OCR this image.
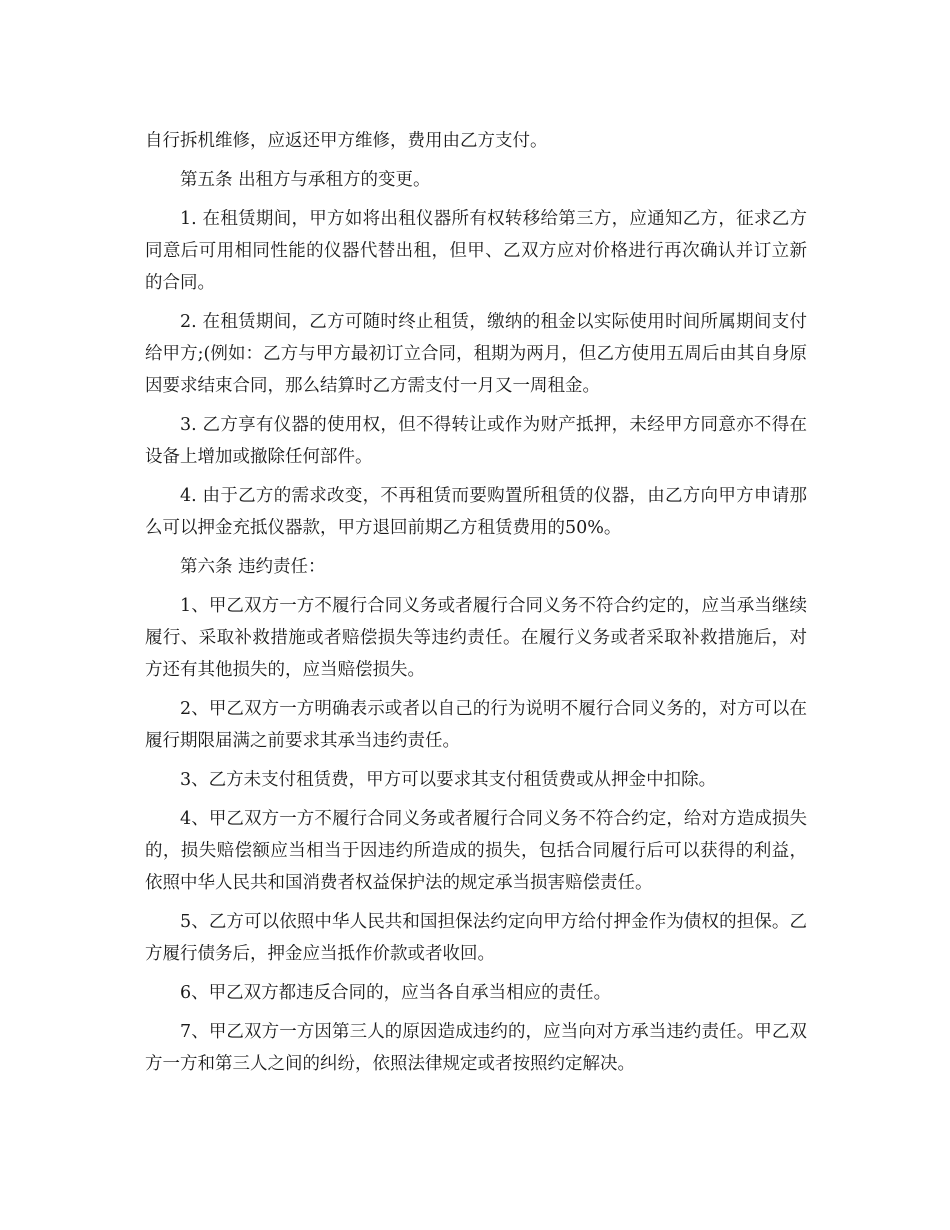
自行拆机维修，应返还甲方维修，费用由乙方支付。

第五条 出租方与承租方的变更。

1. 在租赁期间，甲方如将出租仪器所有权转移给第三方，应通知乙方，征求乙方同意后可用相同性能的仪器代替出租，但甲、乙双方应对价格进行再次确认并订立新的合同。

2. 在租赁期间，乙方可随时终止租赁，缴纳的租金以实际使用时间所属期间支付给甲方;(例如：乙方与甲方最初订立合同，租期为两月，但乙方使用五周后由其自身原因要求结束合同，那么结算时乙方需支付一月又一周租金。

3. 乙方享有仪器的使用权，但不得转让或作为财产抵押，未经甲方同意亦不得在设备上增加或撤除任何部件。

4. 由于乙方的需求改变，不再租赁而要购置所租赁的仪器，由乙方向甲方申请那么可以押金充抵仪器款，甲方退回前期乙方租赁费用的50%。

第六条 违约责任：

1、甲乙双方一方不履行合同义务或者履行合同义务不符合约定的，应当承当继续履行、采取补救措施或者赔偿损失等违约责任。在履行义务或者采取补救措施后，对方还有其他损失的，应当赔偿损失。

2、甲乙双方一方明确表示或者以自己的行为说明不履行合同义务的，对方可以在履行期限届满之前要求其承当违约责任。

3、乙方未支付租赁费，甲方可以要求其支付租赁费或从押金中扣除。

4、甲乙双方一方不履行合同义务或者履行合同义务不符合约定，给对方造成损失的，损失赔偿额应当相当于因违约所造成的损失，包括合同履行后可以获得的利益，依照中华人民共和国消费者权益保护法的规定承当损害赔偿责任。

5、乙方可以依照中华人民共和国担保法约定向甲方给付押金作为债权的担保。乙方履行债务后，押金应当抵作价款或者收回。

6、甲乙双方都违反合同的，应当各自承当相应的责任。

7、甲乙双方一方因第三人的原因造成违约的，应当向对方承当违约责任。甲乙双方一方和第三人之间的纠纷，依照法律规定或者按照约定解决。
